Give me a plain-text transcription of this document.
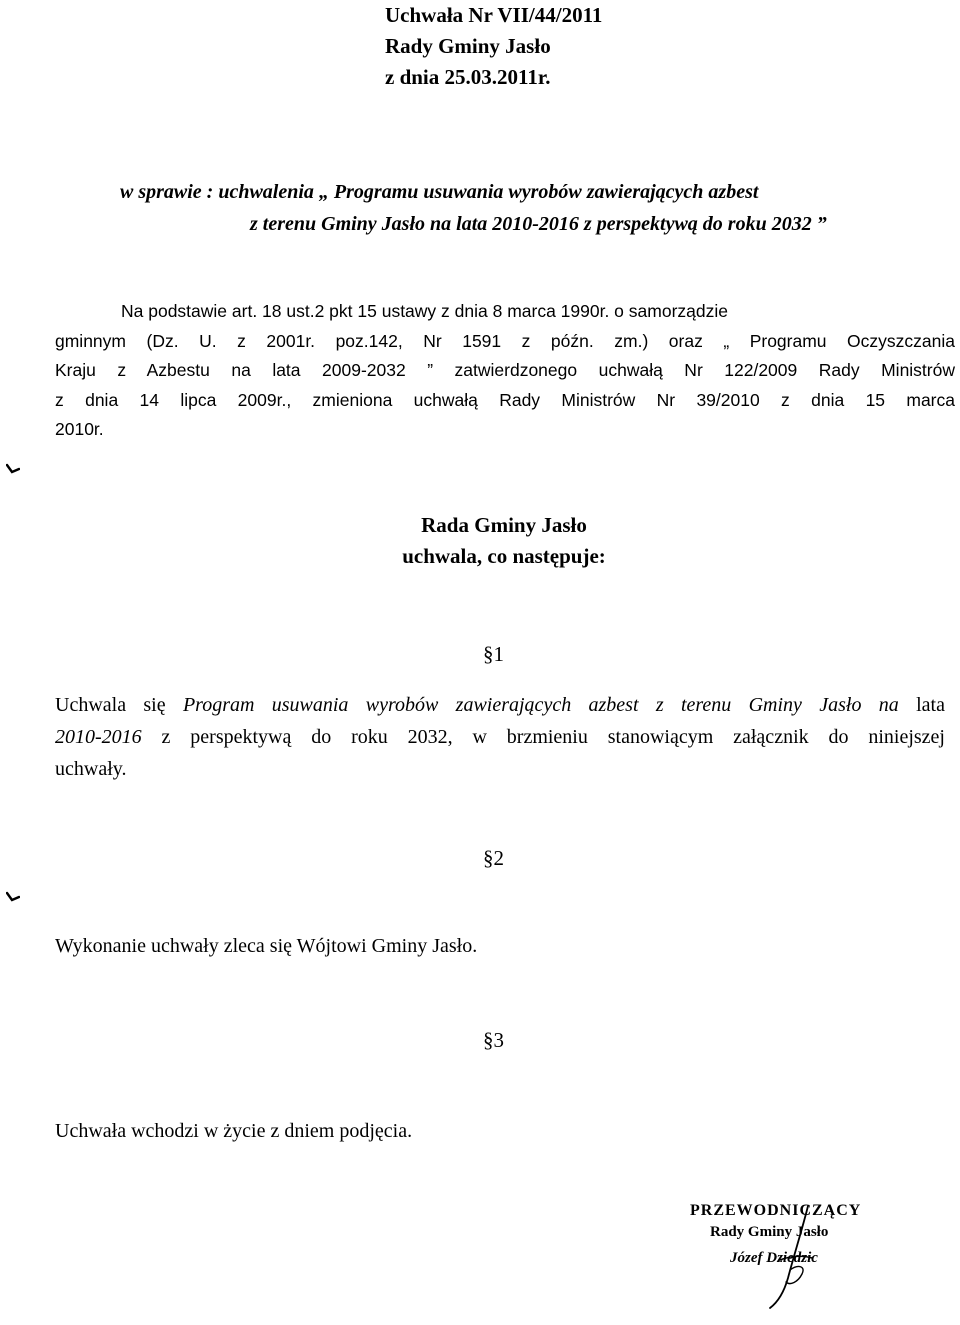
Uchwała Nr VII/44/2011
Rady Gminy Jasło
z dnia 25.03.2011r.
w sprawie : uchwalenia „ Programu usuwania wyrobów zawierających azbest
z terenu Gminy Jasło na lata 2010-2016 z perspektywą do roku 2032 ”
Na podstawie art. 18 ust.2 pkt 15 ustawy z dnia 8 marca 1990r. o samorządzie
gminnym (Dz. U. z 2001r. poz.142, Nr 1591 z późn. zm.) oraz „ Programu Oczyszczania
Kraju z Azbestu na lata 2009-2032 ” zatwierdzonego uchwałą Nr 122/2009 Rady Ministrów
z dnia 14 lipca 2009r., zmieniona uchwałą Rady Ministrów Nr 39/2010 z dnia 15 marca
2010r.
Rada Gminy Jasło
uchwala, co następuje:
§1
Uchwala się Program usuwania wyrobów zawierających azbest z terenu Gminy Jasło na lata
2010-2016 z perspektywą do roku 2032, w brzmieniu stanowiącym załącznik do niniejszej
uchwały.
§2
Wykonanie uchwały zleca się Wójtowi Gminy Jasło.
§3
Uchwała wchodzi w życie z dniem podjęcia.
PRZEWODNICZĄCY
Rady Gminy Jasło
Józef Dziedzic
